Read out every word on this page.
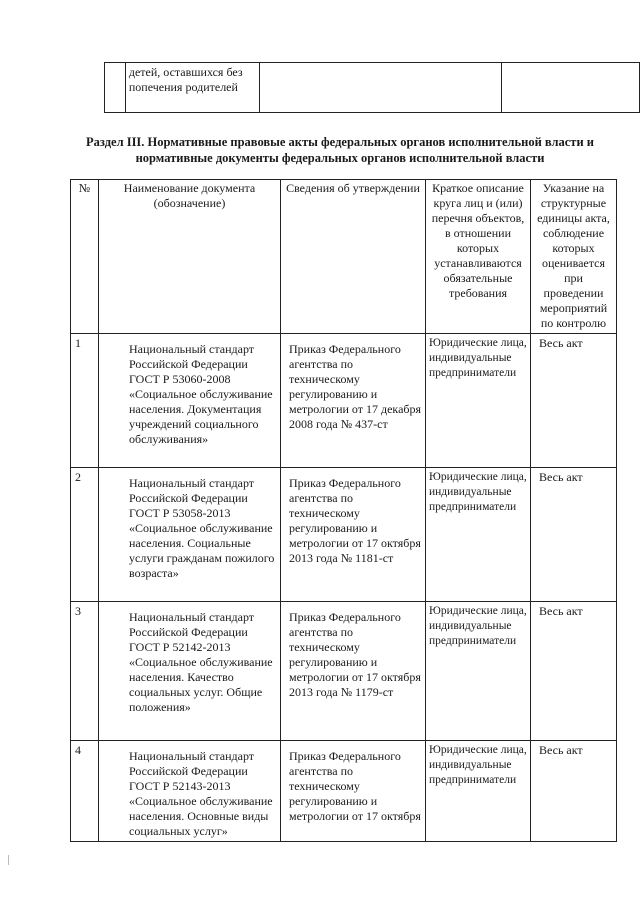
	детей, оставшихся без попечения родителей		
Раздел III. Нормативные правовые акты федеральных органов исполнительной власти и нормативные документы федеральных органов исполнительной власти
№	Наименование документа (обозначение)	Сведения об утверждении	Краткое описание круга лиц и (или) перечня объектов, в отношении которых устанавливаются обязательные требования	Указание на структурные единицы акта, соблюдение которых оценивается при проведении мероприятий по контролю
1	Национальный стандарт Российской Федерации ГОСТ Р 53060-2008 «Социальное обслуживание населения. Документация учреждений социального обслуживания»	Приказ Федерального агентства по техническому регулированию и метрологии от 17 декабря 2008 года № 437-ст	Юридические лица, индивидуальные предприниматели	Весь акт
2	Национальный стандарт Российской Федерации ГОСТ Р 53058-2013 «Социальное обслуживание населения. Социальные услуги гражданам пожилого возраста»	Приказ Федерального агентства по техническому регулированию и метрологии от 17 октября 2013 года № 1181-ст	Юридические лица, индивидуальные предприниматели	Весь акт
3	Национальный стандарт Российской Федерации ГОСТ Р 52142-2013 «Социальное обслуживание населения. Качество социальных услуг. Общие положения»	Приказ Федерального агентства по техническому регулированию и метрологии от 17 октября 2013 года № 1179-ст	Юридические лица, индивидуальные предприниматели	Весь акт
4	Национальный стандарт Российской Федерации ГОСТ Р 52143-2013 «Социальное обслуживание населения. Основные виды социальных услуг»	Приказ Федерального агентства по техническому регулированию и метрологии от 17 октября	Юридические лица, индивидуальные предприниматели	Весь акт
